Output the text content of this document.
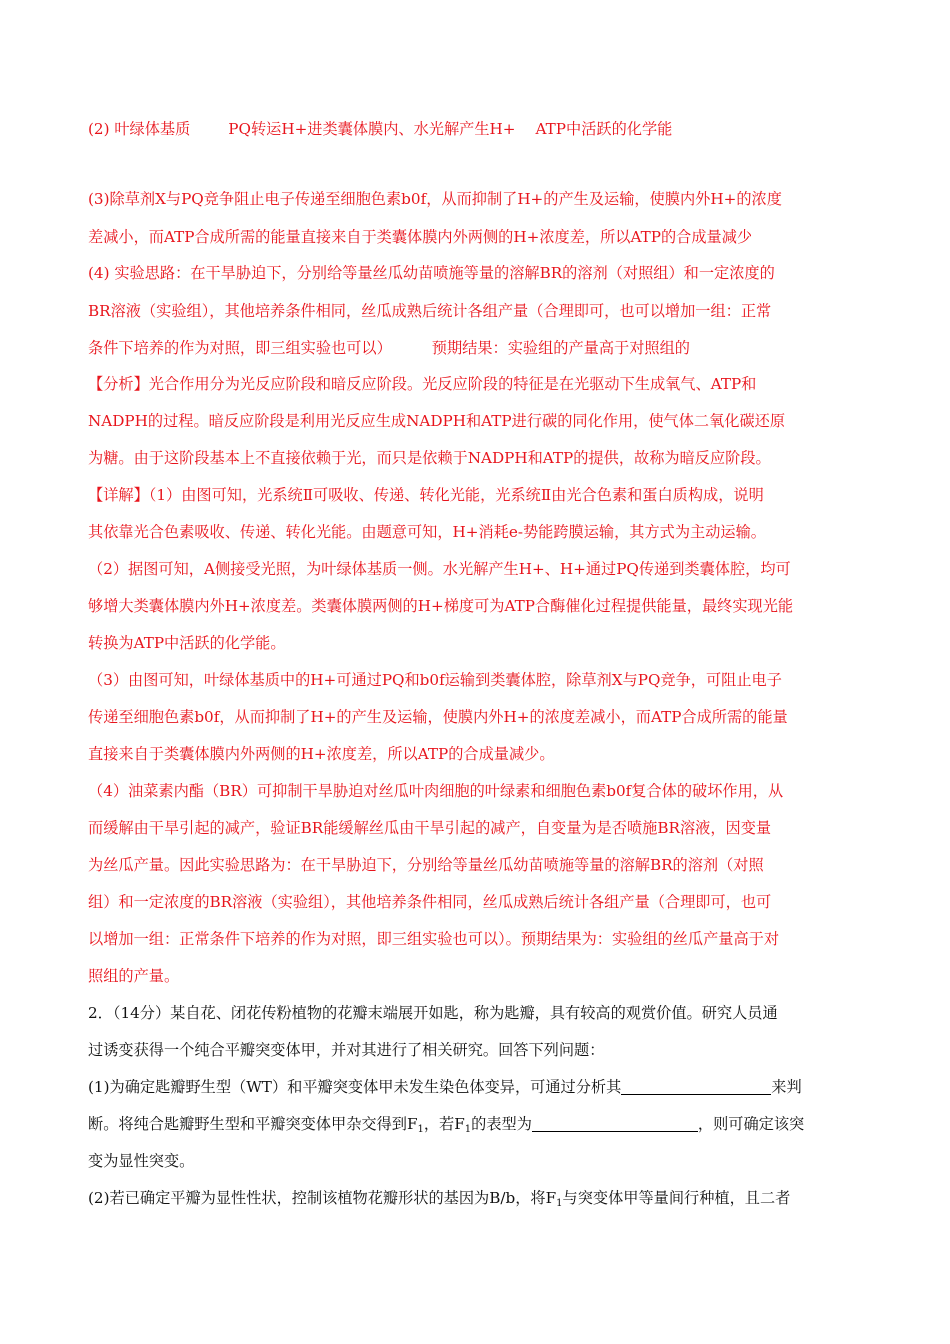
(2) 叶绿体基质	PQ转运H+进类囊体膜内、水光解产生H+ ATP中活跃的化学能
(3)除草剂X与PQ竞争阻止电子传递至细胞色素b0f，从而抑制了H+的产生及运输，使膜内外H+的浓度
差减小，而ATP合成所需的能量直接来自于类囊体膜内外两侧的H+浓度差，所以ATP的合成量减少
(4) 实验思路：在干旱胁迫下，分别给等量丝瓜幼苗喷施等量的溶解BR的溶剂（对照组）和一定浓度的
BR溶液（实验组），其他培养条件相同，丝瓜成熟后统计各组产量（合理即可，也可以增加一组：正常
条件下培养的作为对照，即三组实验也可以）	预期结果：实验组的产量高于对照组的
【分析】光合作用分为光反应阶段和暗反应阶段。光反应阶段的特征是在光驱动下生成氧气、ATP和
NADPH的过程。暗反应阶段是利用光反应生成NADPH和ATP进行碳的同化作用，使气体二氧化碳还原
为糖。由于这阶段基本上不直接依赖于光，而只是依赖于NADPH和ATP的提供，故称为暗反应阶段。
【详解】（1）由图可知，光系统Ⅱ可吸收、传递、转化光能，光系统Ⅱ由光合色素和蛋白质构成，说明
其依靠光合色素吸收、传递、转化光能。由题意可知，H+消耗e-势能跨膜运输，其方式为主动运输。
（2）据图可知，A侧接受光照，为叶绿体基质一侧。水光解产生H+、H+通过PQ传递到类囊体腔，均可
够增大类囊体膜内外H+浓度差。类囊体膜两侧的H+梯度可为ATP合酶催化过程提供能量，最终实现光能
转换为ATP中活跃的化学能。
（3）由图可知，叶绿体基质中的H+可通过PQ和b0f运输到类囊体腔，除草剂X与PQ竞争，可阻止电子
传递至细胞色素b0f，从而抑制了H+的产生及运输，使膜内外H+的浓度差减小，而ATP合成所需的能量
直接来自于类囊体膜内外两侧的H+浓度差，所以ATP的合成量减少。
（4）油菜素内酯（BR）可抑制干旱胁迫对丝瓜叶肉细胞的叶绿素和细胞色素b0f复合体的破坏作用，从
而缓解由干旱引起的减产，验证BR能缓解丝瓜由干旱引起的减产，自变量为是否喷施BR溶液，因变量
为丝瓜产量。因此实验思路为：在干旱胁迫下，分别给等量丝瓜幼苗喷施等量的溶解BR的溶剂（对照
组）和一定浓度的BR溶液（实验组），其他培养条件相同，丝瓜成熟后统计各组产量（合理即可，也可
以增加一组：正常条件下培养的作为对照，即三组实验也可以）。预期结果为：实验组的丝瓜产量高于对
照组的产量。
2．（14分）某自花、闭花传粉植物的花瓣末端展开如匙，称为匙瓣，具有较高的观赏价值。研究人员通
过诱变获得一个纯合平瓣突变体甲，并对其进行了相关研究。回答下列问题：
(1)为确定匙瓣野生型（WT）和平瓣突变体甲未发生染色体变异，可通过分析其	来判
断。将纯合匙瓣野生型和平瓣突变体甲杂交得到$F_1$，若$F_1$的表型为	，则可确定该突
变为显性突变。
(2)若已确定平瓣为显性性状，控制该植物花瓣形状的基因为B/b，将$F_1$与突变体甲等量间行种植，且二者
